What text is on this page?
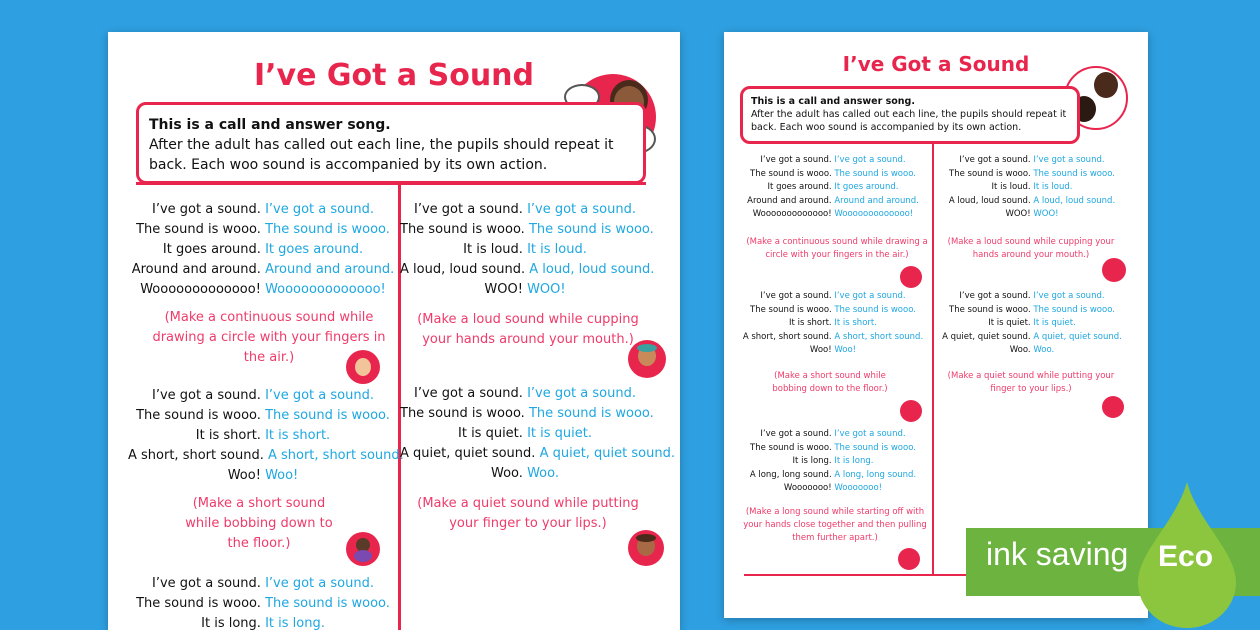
I’ve Got a Sound
This is a call and answer song.
After the adult has called out each line, the pupils should repeat it back. Each woo sound is accompanied by its own action.
I’ve got a sound. I’ve got a sound.
The sound is wooo. The sound is wooo.
It goes around. It goes around.
Around and around. Around and around.
Wooooooooooooo! Wooooooooooooo!
(Make a continuous sound while drawing a circle with your fingers in the air.)
I’ve got a sound. I’ve got a sound.
The sound is wooo. The sound is wooo.
It is short. It is short.
A short, short sound. A short, short sound.
Woo! Woo!
(Make a short sound while bobbing down to the floor.)
I’ve got a sound. I’ve got a sound.
The sound is wooo. The sound is wooo.
It is long. It is long.
I’ve got a sound. I’ve got a sound.
The sound is wooo. The sound is wooo.
It is loud. It is loud.
A loud, loud sound. A loud, loud sound.
WOO! WOO!
(Make a loud sound while cupping your hands around your mouth.)
I’ve got a sound. I’ve got a sound.
The sound is wooo. The sound is wooo.
It is quiet. It is quiet.
A quiet, quiet sound. A quiet, quiet sound.
Woo. Woo.
(Make a quiet sound while putting your finger to your lips.)
I’ve Got a Sound
This is a call and answer song.
After the adult has called out each line, the pupils should repeat it back. Each woo sound is accompanied by its own action.
I’ve got a sound. I’ve got a sound.
The sound is wooo. The sound is wooo.
It goes around. It goes around.
Around and around. Around and around.
Wooooooooooooo! Wooooooooooooo!
(Make a continuous sound while drawing a circle with your fingers in the air.)
I’ve got a sound. I’ve got a sound.
The sound is wooo. The sound is wooo.
It is short. It is short.
A short, short sound. A short, short sound.
Woo! Woo!
(Make a short sound while bobbing down to the floor.)
I’ve got a sound. I’ve got a sound.
The sound is wooo. The sound is wooo.
It is long. It is long.
A long, long sound. A long, long sound.
Wooooooo! Wooooooo!
(Make a long sound while starting off with your hands close together and then pulling them further apart.)
I’ve got a sound. I’ve got a sound.
The sound is wooo. The sound is wooo.
It is loud. It is loud.
A loud, loud sound. A loud, loud sound.
WOO! WOO!
(Make a loud sound while cupping your hands around your mouth.)
I’ve got a sound. I’ve got a sound.
The sound is wooo. The sound is wooo.
It is quiet. It is quiet.
A quiet, quiet sound. A quiet, quiet sound.
Woo. Woo.
(Make a quiet sound while putting your finger to your lips.)
ink saving Eco
